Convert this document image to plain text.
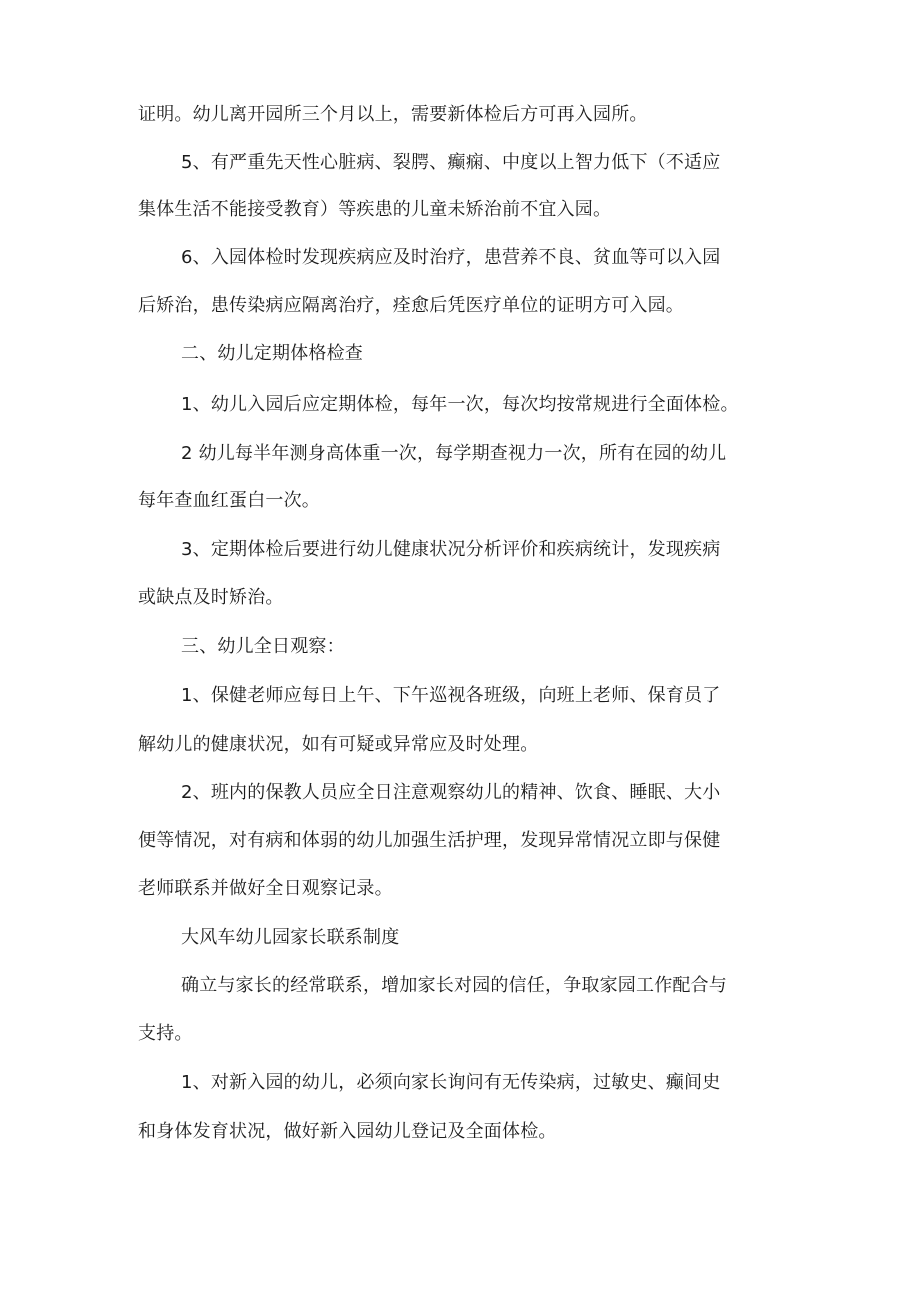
证明。幼儿离开园所三个月以上，需要新体检后方可再入园所。
5、有严重先天性心脏病、裂腭、癫痫、中度以上智力低下（不适应
集体生活不能接受教育）等疾患的儿童未矫治前不宜入园。
6、入园体检时发现疾病应及时治疗，患营养不良、贫血等可以入园
后矫治，患传染病应隔离治疗，痊愈后凭医疗单位的证明方可入园。
二、幼儿定期体格检查
1、幼儿入园后应定期体检，每年一次，每次均按常规进行全面体检。
2 幼儿每半年测身高体重一次，每学期查视力一次，所有在园的幼儿
每年查血红蛋白一次。
3、定期体检后要进行幼儿健康状况分析评价和疾病统计，发现疾病
或缺点及时矫治。
三、幼儿全日观察：
1、保健老师应每日上午、下午巡视各班级，向班上老师、保育员了
解幼儿的健康状况，如有可疑或异常应及时处理。
2、班内的保教人员应全日注意观察幼儿的精神、饮食、睡眠、大小
便等情况，对有病和体弱的幼儿加强生活护理，发现异常情况立即与保健
老师联系并做好全日观察记录。
大风车幼儿园家长联系制度
确立与家长的经常联系，增加家长对园的信任，争取家园工作配合与
支持。
1、对新入园的幼儿，必须向家长询问有无传染病，过敏史、癫间史
和身体发育状况，做好新入园幼儿登记及全面体检。
